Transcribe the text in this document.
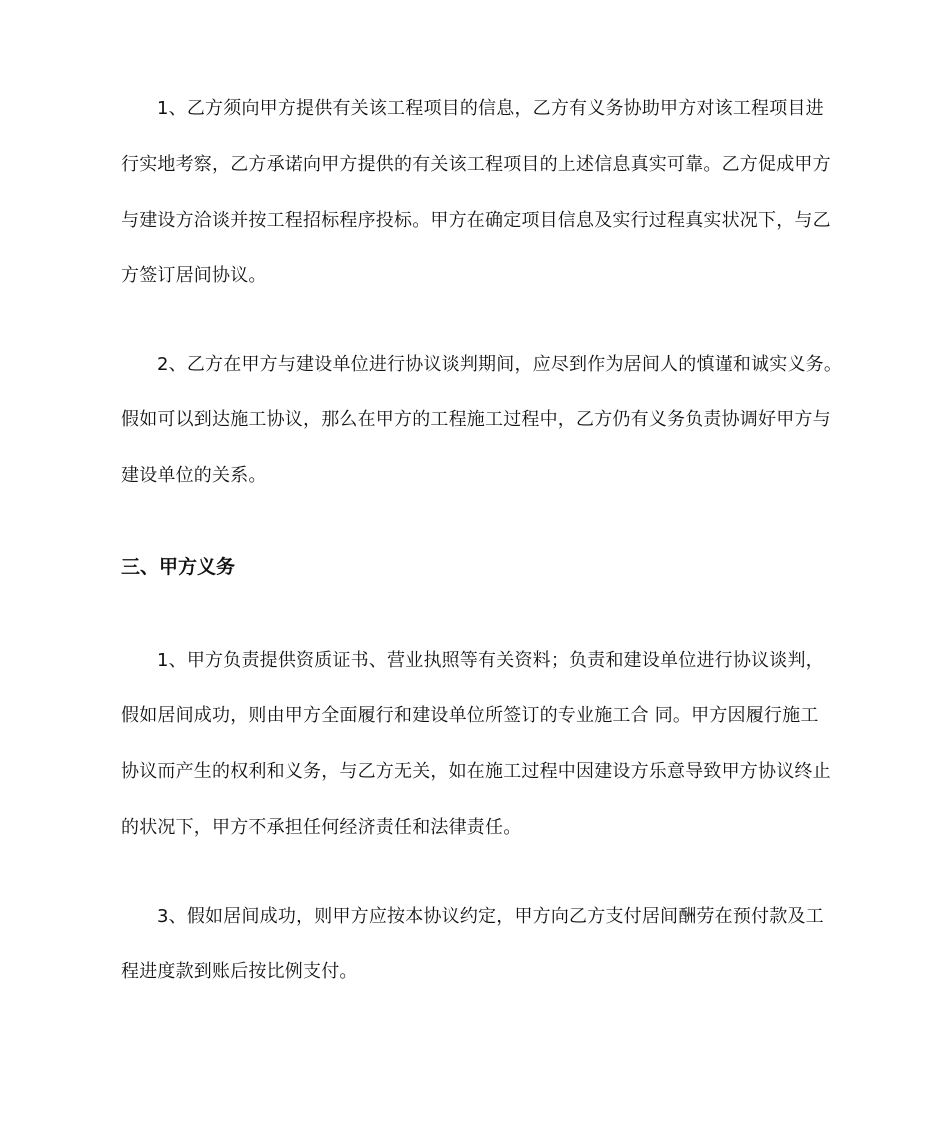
1、乙方须向甲方提供有关该工程项目的信息，乙方有义务协助甲方对该工程项目进
行实地考察，乙方承诺向甲方提供的有关该工程项目的上述信息真实可靠。乙方促成甲方
与建设方洽谈并按工程招标程序投标。甲方在确定项目信息及实行过程真实状况下，与乙
方签订居间协议。
2、乙方在甲方与建设单位进行协议谈判期间，应尽到作为居间人的慎谨和诚实义务。
假如可以到达施工协议，那么在甲方的工程施工过程中，乙方仍有义务负责协调好甲方与
建设单位的关系。
三、甲方义务
1、甲方负责提供资质证书、营业执照等有关资料；负责和建设单位进行协议谈判，
假如居间成功，则由甲方全面履行和建设单位所签订的专业施工合 同。甲方因履行施工
协议而产生的权利和义务，与乙方无关，如在施工过程中因建设方乐意导致甲方协议终止
的状况下，甲方不承担任何经济责任和法律责任。
3、假如居间成功，则甲方应按本协议约定，甲方向乙方支付居间酬劳在预付款及工
程进度款到账后按比例支付。
